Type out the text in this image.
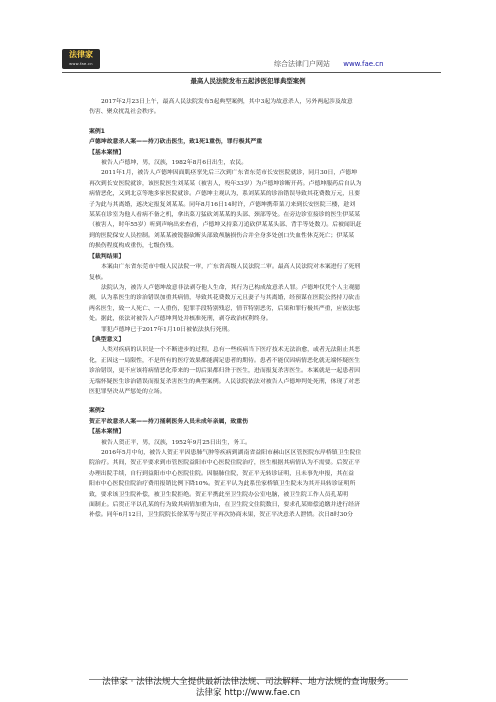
法律家
www.fae.cn	综合法律门户网站 www.fae.cn
最高人民法院发布五起涉医犯罪典型案例

2017年2月23日上午，最高人民法院发布5起典型案例，其中3起为故意杀人，另外两起涉及故意

伤害、聚众扰乱社会秩序。

案例1

卢德坤故意杀人案——持刀砍击医生，致1死1重伤，罪行极其严重

【基本案情】

被告人卢德坤，男，汉族，1982年8月6日出生，农民。

2011年1月，被告人卢德坤因面肌痉挛先后三次到广东省东莞市长安医院就诊，同月30日，卢德坤

再次到长安医院就诊，该医院医生刘某某（被害人，殁年33岁）为卢德坤诊断开药。卢德坤服药后自认为

病情恶化，又到北京等地多家医院就诊。卢德坤主观认为，系刘某某的诊治错误导致其花费数万元，且要

子为此与其离婚，遂决定报复刘某某。同年8月16日14时许，卢德坤携带菜刀来到长安医院三楼，趁刘

某某在诊室为他人看病不备之机，拿出菜刀猛砍刘某某的头部、颈部等处。在旁边诊室接诊的医生伊某某

（被害人，时年55岁）听到声响出来查看，卢德坤又持菜刀追砍伊某某头部、背手等处数刀。后被闻讯赶

到的医院保安人员控制。刘某某被锐器砍断头部致颅脑损伤合并全身多处创口失血性休克死亡；伊某某

的损伤程度构成重伤，七级伤残。

【裁判结果】

本案由广东省东莞市中级人民法院一审，广东省高级人民法院二审。最高人民法院对本案进行了死刑

复核。

法院认为，被告人卢德坤故意非法剥夺他人生命，其行为已构成故意杀人罪。卢德坤仅凭个人主观臆

测，认为系医生的诊治错误加重其病情，导致其花费数万元且妻子与其离婚，经预谋在医院公然持刀砍击

两名医生，致一人死亡、一人重伤，犯罪手段特别残忍，情节特别恶劣，后果和罪行极其严重，应依法惩

处。据此，依法对被告人卢德坤判处并核准死刑，剥夺政治权利终身。

罪犯卢德坤已于2017年1月10日被依法执行死刑。

【典型意义】

人类对疾病的认识是一个不断进步的过程，总有一些疾病当下医疗技术无法治愈，或者无法阻止其恶

化，正因这一局限性，不是所有的医疗效果都能满足患者的期待。患者不能仅因病情恶化就无端怀疑医生

诊治错误，更不应该将病情恶化带来的一切后果都归咎于医生，进而报复杀害医生。本案就是一起患者因

无端怀疑医生诊治错误而报复杀害医生的典型案例。人民法院依法对被告人卢德坤判处死刑，体现了对恶

医犯罪坚决从严惩处的立场。

案例2

贺正平故意杀人案——持刀捅刺医务人员未成年亲属，致重伤

【基本案情】

被告人贺正平，男，汉族，1952年9月25日出生，务工。

2016年5月中旬，被告人贺正平因患肺气肿等疾病到湖南省益阳市赫山区区管医院东岸桥镇卫生院住

院治疗。其间，贺正平要求到市管医院益阳市中心医院住院治疗，医生根据其病情认为不需要。后贺正平

办理出院手续，自行到益阳市中心医院住院。因膈肺住院，贺正平无转诊证明，且未事先申报，其在益

阳市中心医院住院治疗费用报销比例下降10%。贺正平认为此系岳家桥镇卫生院未为其开具转诊证明所

致，要求该卫生院补偿，被卫生院拒绝。贺正平携此至卫生院办公室电脑，被卫生院工作人员孔某明

面制止。后贺正平以孔某的行为致其病情加重为由，在卫生院文住院数日，要求孔某赔偿追缴并进行经济

补偿。同年6月12日，卫生院院长徐某等与贺正平再次协商未果，贺正平决意杀人泄愤。次日8时30分

法律家 · 法律法规大全提供最新法律法规、司法解释、地方法规的查询服务。
法律家 http://www.fae.cn
